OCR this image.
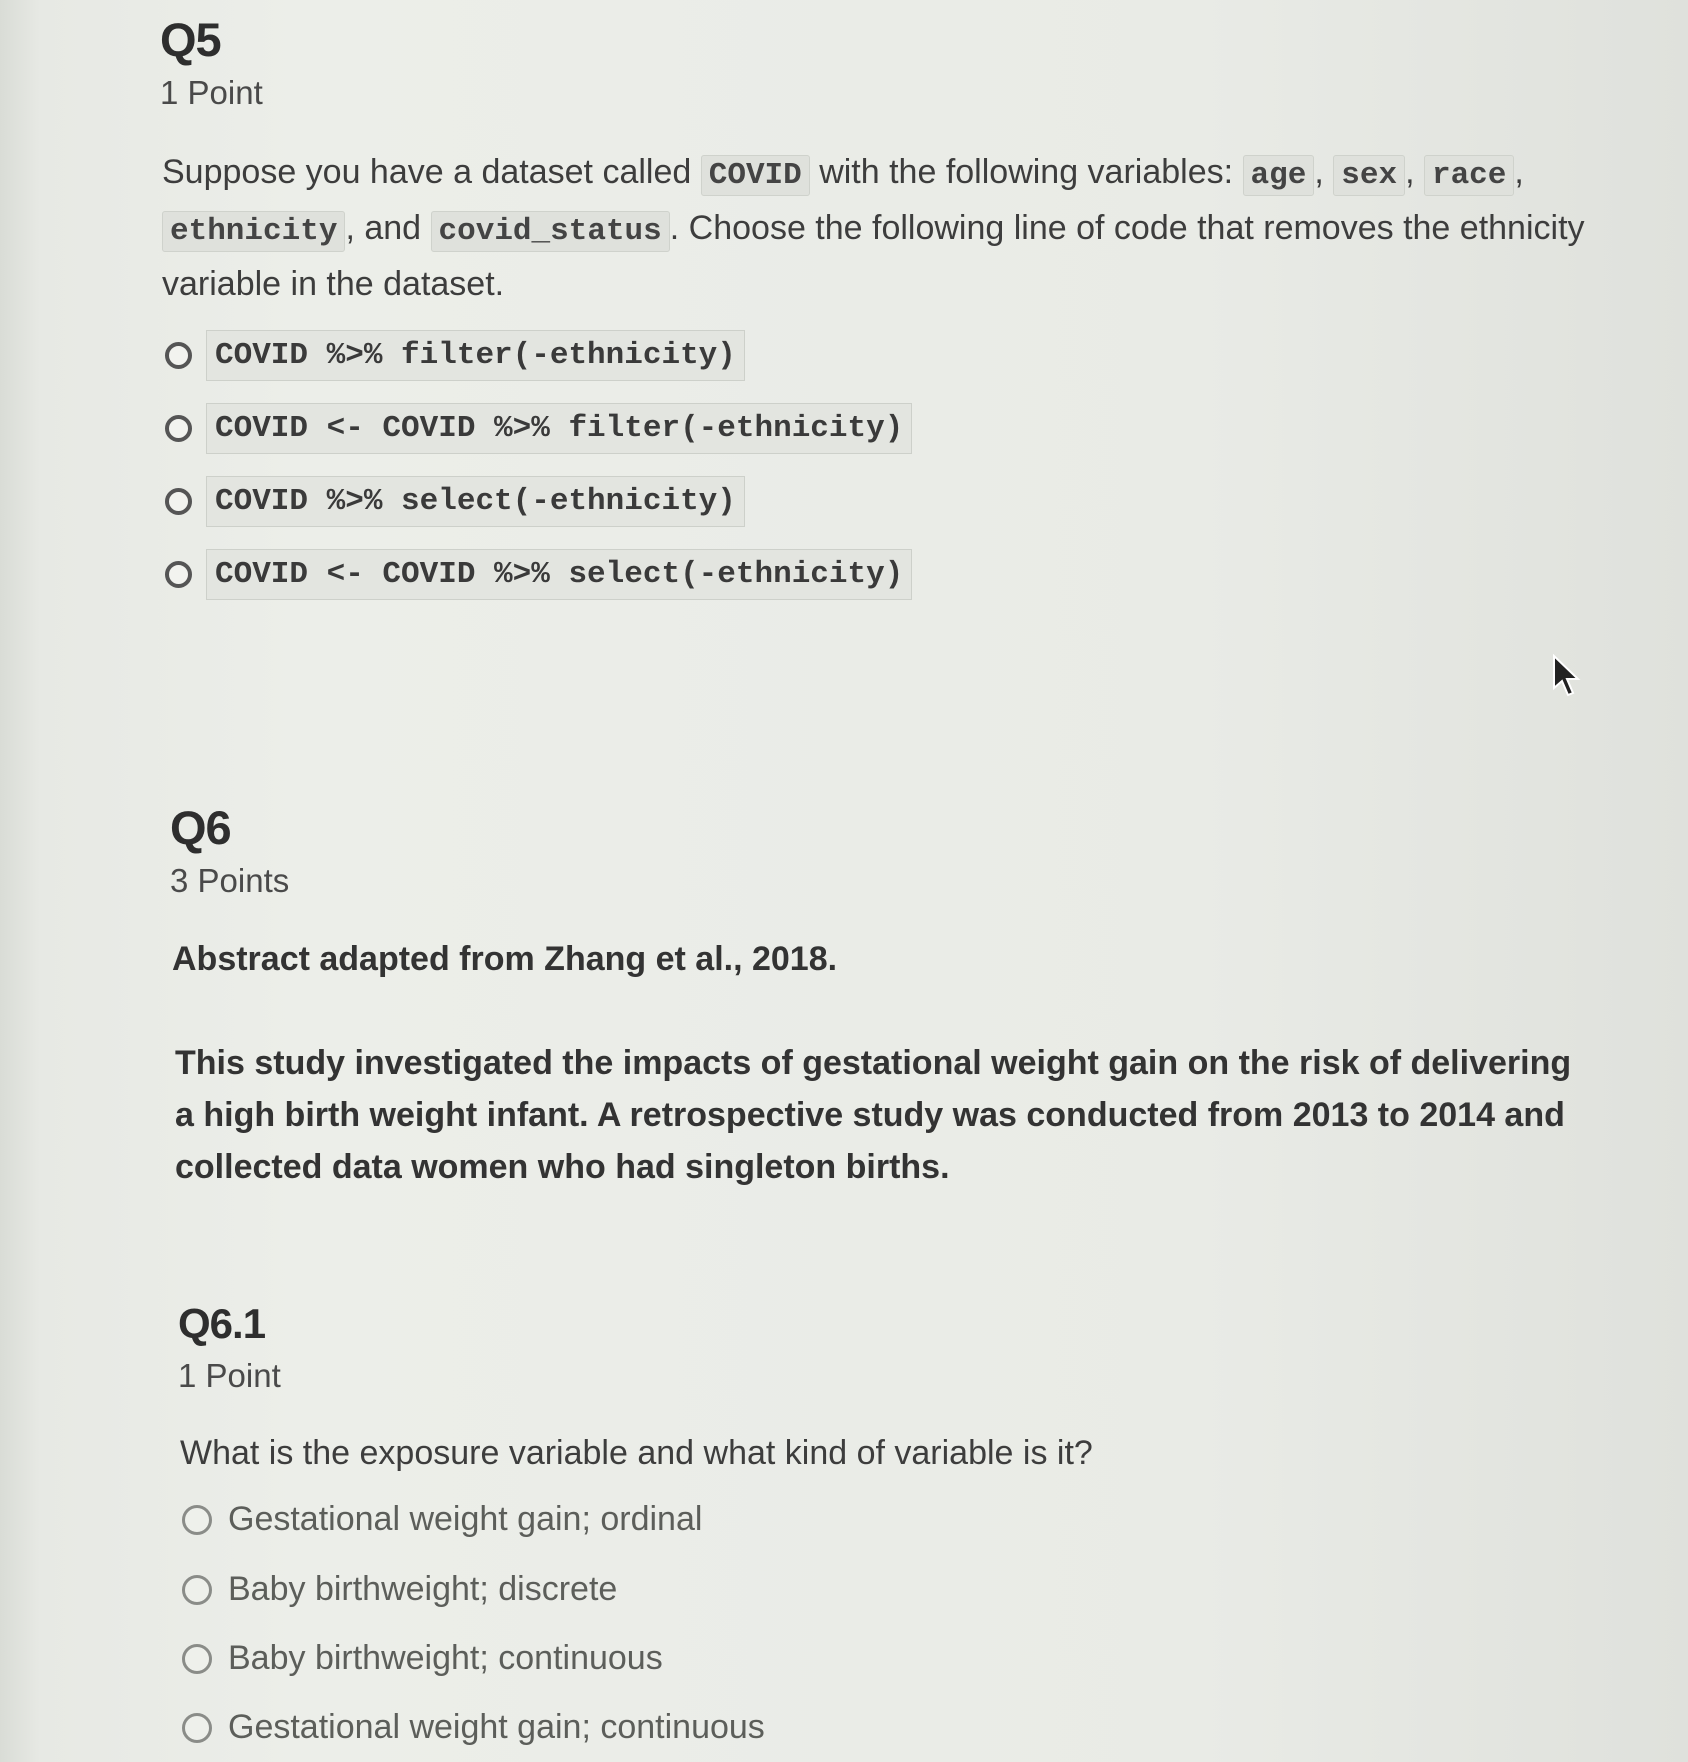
Q5
1 Point
Suppose you have a dataset called COVID with the following variables: age , sex , race , ethnicity , and covid_status . Choose the following line of code that removes the ethnicity variable in the dataset.
COVID %>% filter(-ethnicity)
COVID <- COVID %>% filter(-ethnicity)
COVID %>% select(-ethnicity)
COVID <- COVID %>% select(-ethnicity)
Q6
3 Points
Abstract adapted from Zhang et al., 2018.
This study investigated the impacts of gestational weight gain on the risk of delivering a high birth weight infant. A retrospective study was conducted from 2013 to 2014 and collected data women who had singleton births.
Q6.1
1 Point
What is the exposure variable and what kind of variable is it?
Gestational weight gain; ordinal
Baby birthweight; discrete
Baby birthweight; continuous
Gestational weight gain; continuous
